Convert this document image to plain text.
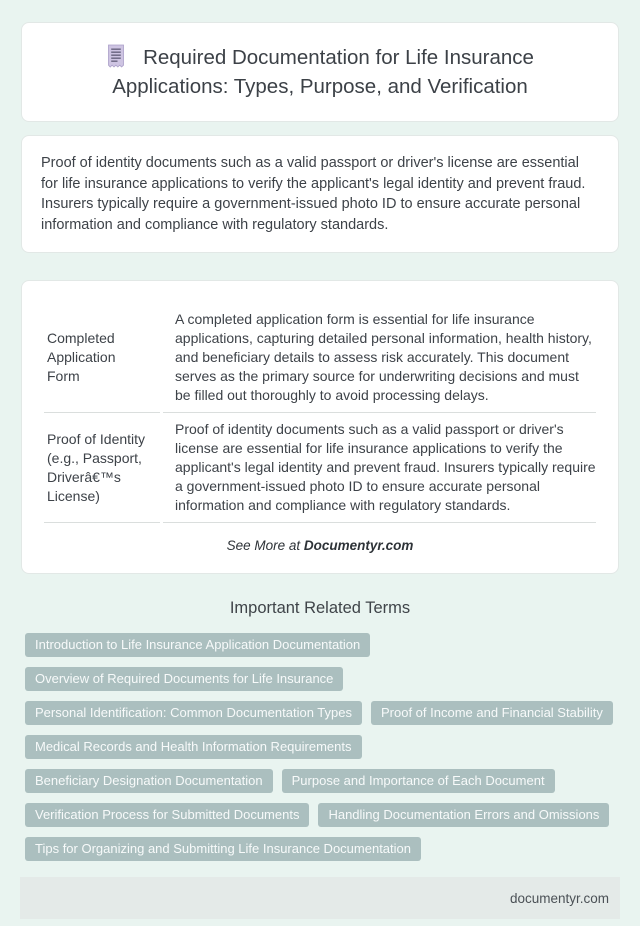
Required Documentation for Life Insurance Applications: Types, Purpose, and Verification

Proof of identity documents such as a valid passport or driver's license are essential for life insurance applications to verify the applicant's legal identity and prevent fraud. Insurers typically require a government-issued photo ID to ensure accurate personal information and compliance with regulatory standards.

Completed Application Form	A completed application form is essential for life insurance applications, capturing detailed personal information, health history, and beneficiary details to assess risk accurately. This document serves as the primary source for underwriting decisions and must be filled out thoroughly to avoid processing delays.
Proof of Identity (e.g., Passport, Driverâ€™s License)	Proof of identity documents such as a valid passport or driver's license are essential for life insurance applications to verify the applicant's legal identity and prevent fraud. Insurers typically require a government-issued photo ID to ensure accurate personal information and compliance with regulatory standards.

See More at Documentyr.com

Important Related Terms
Introduction to Life Insurance Application Documentation
Overview of Required Documents for Life Insurance
Personal Identification: Common Documentation Types	Proof of Income and Financial Stability
Medical Records and Health Information Requirements
Beneficiary Designation Documentation	Purpose and Importance of Each Document
Verification Process for Submitted Documents	Handling Documentation Errors and Omissions
Tips for Organizing and Submitting Life Insurance Documentation
documentyr.com
